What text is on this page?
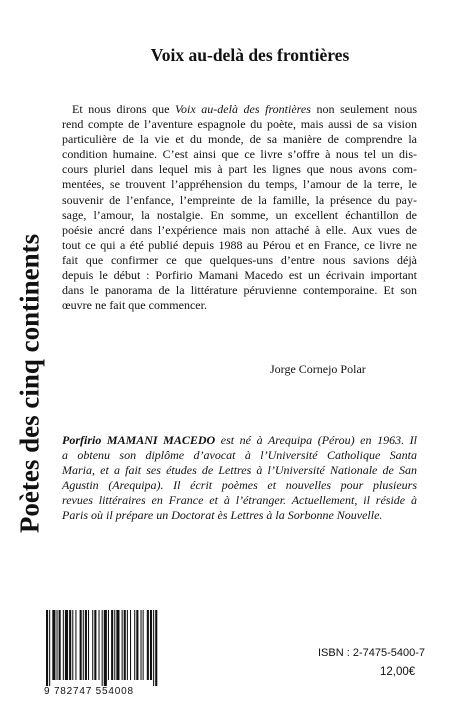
Poètes des cinq continents
Voix au-delà des frontières
Et nous dirons que Voix au-delà des frontières non seulement nous
rend compte de l’aventure espagnole du poète, mais aussi de sa vision
particulière de la vie et du monde, de sa manière de comprendre la
condition humaine. C’est ainsi que ce livre s’offre à nous tel un dis-
cours pluriel dans lequel mis à part les lignes que nous avons com-
mentées, se trouvent l’appréhension du temps, l’amour de la terre, le
souvenir de l’enfance, l’empreinte de la famille, la présence du pay-
sage, l’amour, la nostalgie. En somme, un excellent échantillon de
poésie ancré dans l’expérience mais non attaché à elle. Aux vues de
tout ce qui a été publié depuis 1988 au Pérou et en France, ce livre ne
fait que confirmer ce que quelques-uns d’entre nous savions déjà
depuis le début : Porfirio Mamani Macedo est un écrivain important
dans le panorama de la littérature péruvienne contemporaine. Et son
œuvre ne fait que commencer.
Jorge Cornejo Polar
Porfirio MAMANI MACEDO est né à Arequipa (Pérou) en 1963. Il
a obtenu son diplôme d’avocat à l’Université Catholique Santa
Maria, et a fait ses études de Lettres à l’Université Nationale de San
Agustin (Arequipa). Il écrit poèmes et nouvelles pour plusieurs
revues littéraires en France et à l’étranger. Actuellement, il réside à
Paris où il prépare un Doctorat ès Lettres à la Sorbonne Nouvelle.
9 782747 554008
ISBN : 2-7475-5400-7
12,00€
